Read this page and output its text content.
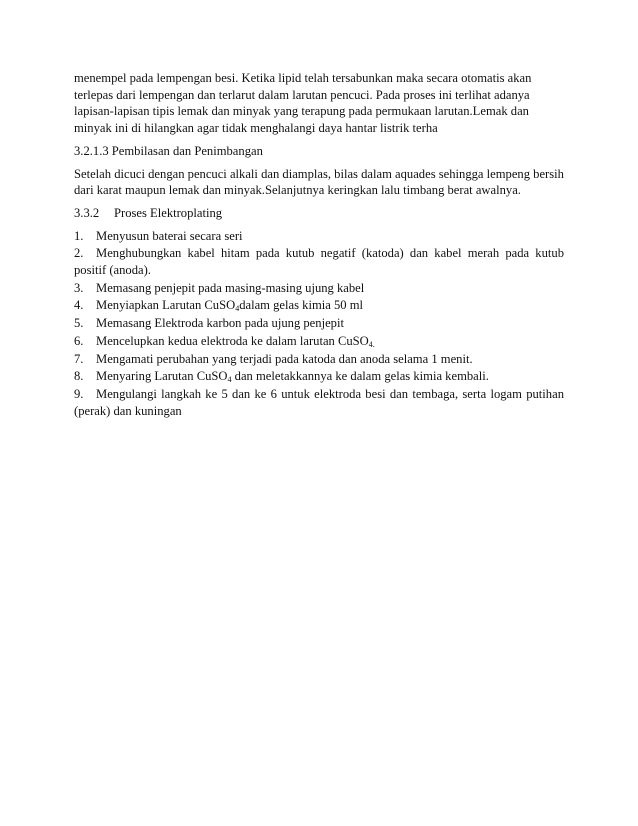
menempel pada lempengan besi. Ketika lipid telah tersabunkan maka secara otomatis akan
terlepas dari lempengan dan terlarut dalam larutan pencuci. Pada proses ini terlihat adanya
lapisan-lapisan tipis lemak dan minyak yang terapung pada permukaan larutan.Lemak dan
minyak ini di hilangkan agar tidak menghalangi daya hantar listrik terha
3.2.1.3 Pembilasan dan Penimbangan
Setelah dicuci dengan pencuci alkali dan diamplas, bilas dalam aquades sehingga lempeng bersih
dari karat maupun lemak dan minyak.Selanjutnya keringkan lalu timbang berat awalnya.
3.3.2 Proses Elektroplating
1. Menyusun baterai secara seri
2. Menghubungkan kabel hitam pada kutub negatif (katoda) dan kabel merah pada kutub positif (anoda).
3. Memasang penjepit pada masing-masing ujung kabel
4. Menyiapkan Larutan CuSO$_4$dalam gelas kimia 50 ml
5. Memasang Elektroda karbon pada ujung penjepit
6. Mencelupkan kedua elektroda ke dalam larutan CuSO$_{4.}$
7. Mengamati perubahan yang terjadi pada katoda dan anoda selama 1 menit.
8. Menyaring Larutan CuSO$_4$ dan meletakkannya ke dalam gelas kimia kembali.
9. Mengulangi langkah ke 5 dan ke 6 untuk elektroda besi dan tembaga, serta logam putihan (perak) dan kuningan
